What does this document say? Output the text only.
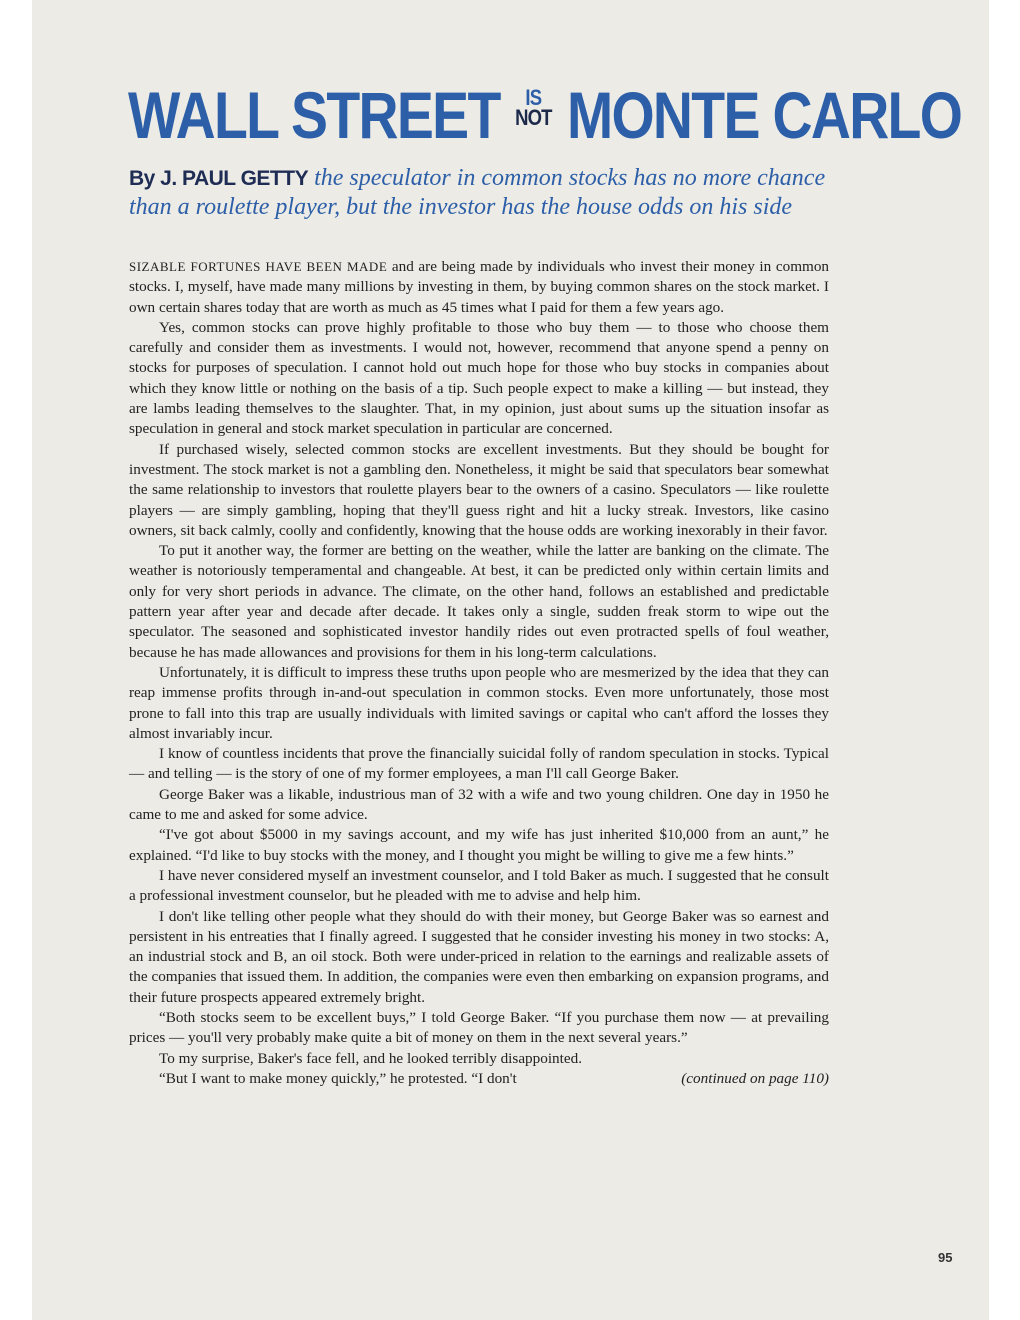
WALL STREET	IS
NOT MONTE CARLO
By J. PAUL GETTY the speculator in common stocks has no more chance than a roulette player, but the investor has the house odds on his side

SIZABLE FORTUNES HAVE BEEN MADE and are being made by individuals who invest their money in common stocks. I, myself, have made many millions by investing in them, by buying common shares on the stock market. I own certain shares today that are worth as much as 45 times what I paid for them a few years ago.

Yes, common stocks can prove highly profitable to those who buy them — to those who choose them carefully and consider them as investments. I would not, however, recommend that anyone spend a penny on stocks for purposes of speculation. I cannot hold out much hope for those who buy stocks in companies about which they know little or nothing on the basis of a tip. Such people expect to make a killing — but instead, they are lambs leading themselves to the slaughter. That, in my opinion, just about sums up the situation insofar as speculation in general and stock market speculation in particular are concerned.

If purchased wisely, selected common stocks are excellent investments. But they should be bought for investment. The stock market is not a gambling den. Nonetheless, it might be said that speculators bear somewhat the same relationship to investors that roulette players bear to the owners of a casino. Speculators — like roulette players — are simply gambling, hoping that they'll guess right and hit a lucky streak. Investors, like casino owners, sit back calmly, coolly and confidently, knowing that the house odds are working inexorably in their favor.

To put it another way, the former are betting on the weather, while the latter are banking on the climate. The weather is notoriously temperamental and changeable. At best, it can be predicted only within certain limits and only for very short periods in advance. The climate, on the other hand, follows an established and predictable pattern year after year and decade after decade. It takes only a single, sudden freak storm to wipe out the speculator. The seasoned and sophisticated investor handily rides out even protracted spells of foul weather, because he has made allowances and provisions for them in his long-term calculations.

Unfortunately, it is difficult to impress these truths upon people who are mesmerized by the idea that they can reap immense profits through in-and-out speculation in common stocks. Even more unfortunately, those most prone to fall into this trap are usually individuals with limited savings or capital who can't afford the losses they almost invariably incur.

I know of countless incidents that prove the financially suicidal folly of random speculation in stocks. Typical — and telling — is the story of one of my former employees, a man I'll call George Baker.

George Baker was a likable, industrious man of 32 with a wife and two young children. One day in 1950 he came to me and asked for some advice.

“I've got about $5000 in my savings account, and my wife has just inherited $10,000 from an aunt,” he explained. “I'd like to buy stocks with the money, and I thought you might be willing to give me a few hints.”

I have never considered myself an investment counselor, and I told Baker as much. I suggested that he consult a professional investment counselor, but he pleaded with me to advise and help him.

I don't like telling other people what they should do with their money, but George Baker was so earnest and persistent in his entreaties that I finally agreed. I suggested that he consider investing his money in two stocks: A, an industrial stock and B, an oil stock. Both were under-priced in relation to the earnings and realizable assets of the companies that issued them. In addition, the companies were even then embarking on expansion programs, and their future prospects appeared extremely bright.

“Both stocks seem to be excellent buys,” I told George Baker. “If you purchase them now — at prevailing prices — you'll very probably make quite a bit of money on them in the next several years.”

To my surprise, Baker's face fell, and he looked terribly disappointed.

“But I want to make money quickly,” he protested. “I don't	(continued on page 110)

95
